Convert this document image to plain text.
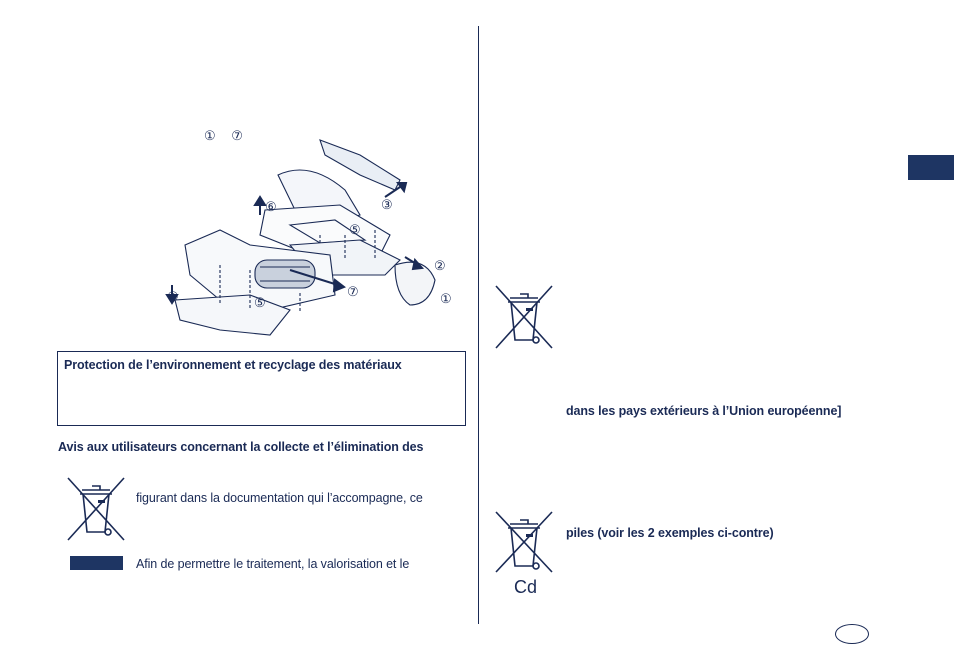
① ⑦
⑥	③
⑤
②
⑦
④	⑤	①
Protection de l’environnement et recyclage des matériaux
Avis aux utilisateurs concernant la collecte et l’élimination des
figurant dans la documentation qui l’accompagne, ce
Afin de permettre le traitement, la valorisation et le
dans les pays extérieurs à l’Union européenne]
Cd
piles (voir les 2 exemples ci-contre)
